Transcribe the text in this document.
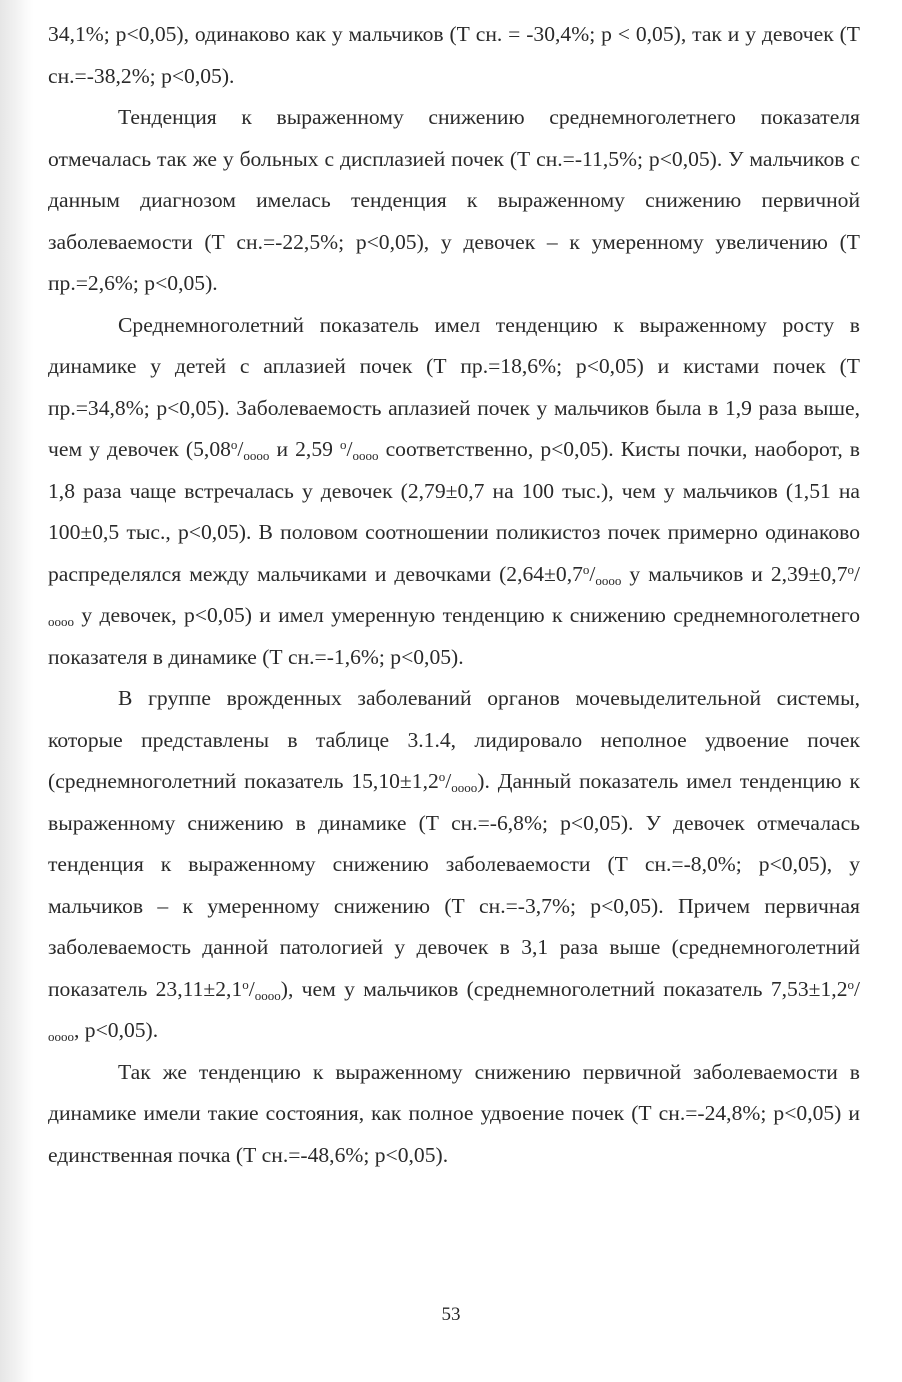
34,1%; р<0,05), одинаково как у мальчиков (Т сн. = -30,4%; р < 0,05), так и у девочек (Т сн.=-38,2%; р<0,05).

Тенденция к выраженному снижению среднемноголетнего показателя отмечалась так же у больных с дисплазией почек (Т сн.=-11,5%; р<0,05). У мальчиков с данным диагнозом имелась тенденция к выраженному снижению первичной заболеваемости (Т сн.=-22,5%; р<0,05), у девочек – к умеренному увеличению (Т пр.=2,6%; р<0,05).

Среднемноголетний показатель имел тенденцию к выраженному росту в динамике у детей с аплазией почек (Т пр.=18,6%; р<0,05) и кистами почек (Т пр.=34,8%; р<0,05). Заболеваемость аплазией почек у мальчиков была в 1,9 раза выше, чем у девочек ($5,08^о/_{оооо}$ и 2,59 $^о/_{оооо}$ соответственно, р<0,05). Кисты почки, наоборот, в 1,8 раза чаще встречалась у девочек (2,79±0,7 на 100 тыс.), чем у мальчиков (1,51 на 100±0,5 тыс., р<0,05). В половом соотношении поликистоз почек примерно одинаково распределялся между мальчиками и девочками ($2,64\pm 0,7^о/_{оооо}$ у мальчиков и $2,39\pm 0,7^о/_{оооо}$ у девочек, р<0,05) и имел умеренную тенденцию к снижению среднемноголетнего показателя в динамике (Т сн.=-1,6%; р<0,05).

В группе врожденных заболеваний органов мочевыделительной системы, которые представлены в таблице 3.1.4, лидировало неполное удвоение почек (среднемноголетний показатель $15,10\pm 1,2^о/_{оооо}$). Данный показатель имел тенденцию к выраженному снижению в динамике (Т сн.=-6,8%; р<0,05). У девочек отмечалась тенденция к выраженному снижению заболеваемости (Т сн.=-8,0%; р<0,05), у мальчиков – к умеренному снижению (Т сн.=-3,7%; р<0,05). Причем первичная заболеваемость данной патологией у девочек в 3,1 раза выше (среднемноголетний показатель $23,11\pm 2,1^о/_{оооо}$), чем у мальчиков (среднемноголетний показатель $7,53\pm 1,2^о/_{оооо}$, р<0,05).

Так же тенденцию к выраженному снижению первичной заболеваемости в динамике имели такие состояния, как полное удвоение почек (Т сн.=-24,8%; р<0,05) и единственная почка (Т сн.=-48,6%; р<0,05).

53
